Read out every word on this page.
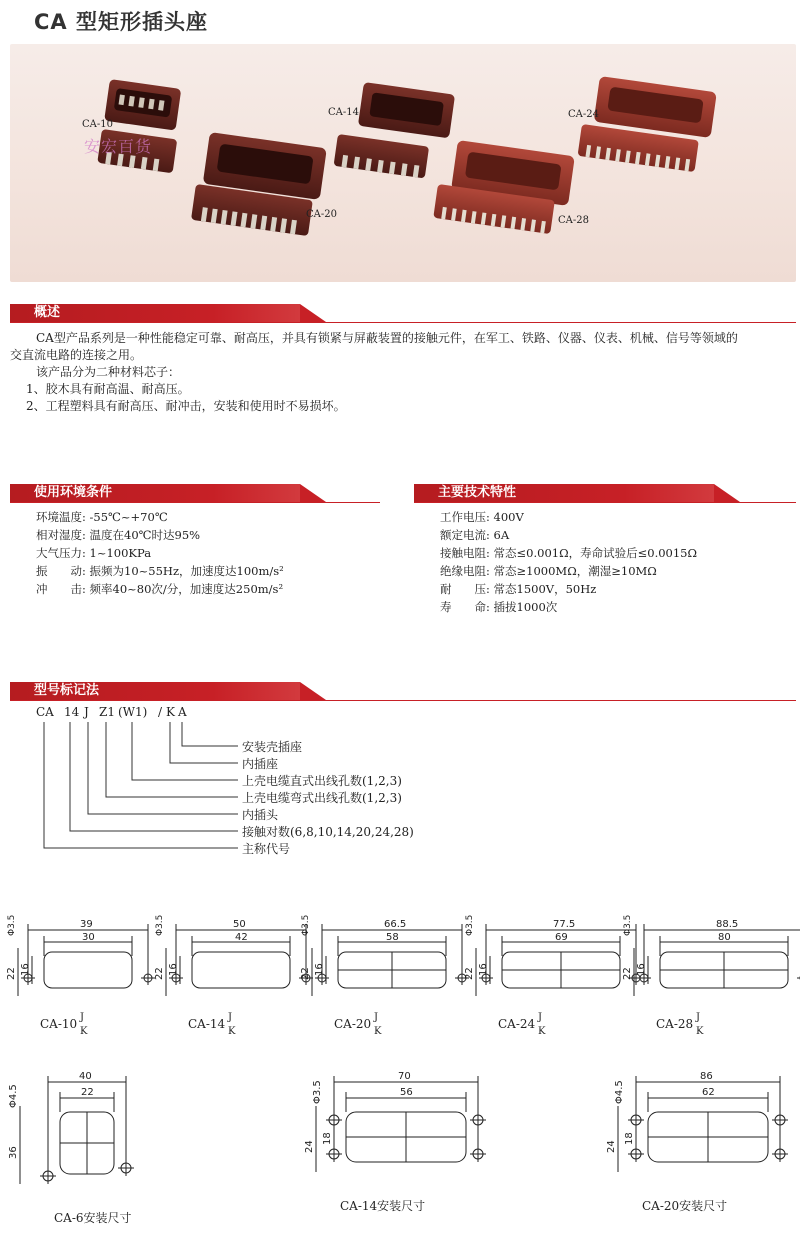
CA 型矩形插头座
CA-10
CA-14
CA-20
CA-24
CA-28
安宏百货
概述
CA型产品系列是一种性能稳定可靠、耐高压，并具有锁紧与屏蔽装置的接触元件，在军工、铁路、仪器、仪表、机械、信号等领域的
交直流电路的连接之用。
该产品分为二种材料芯子：
1、胶木具有耐高温、耐高压。
2、工程塑料具有耐高压、耐冲击，安装和使用时不易损坏。
使用环境条件
环境温度: -55℃~+70℃
相对湿度: 温度在40℃时达95%
大气压力: 1~100KPa
振　　动: 振频为10~55Hz，加速度达100m/s²
冲　　击: 频率40~80次/分，加速度达250m/s²
主要技术特性
工作电压: 400V
额定电流: 6A
接触电阻: 常态≤0.001Ω，寿命试验后≤0.0015Ω
绝缘电阻: 常态≥1000MΩ，潮湿≥10MΩ
耐　　压: 常态1500V，50Hz
寿　　命: 插拔1000次
型号标记法
CA 14 J Z1 (W1) / K A
安装壳插座
内插座
上壳电缆直式出线孔数(1,2,3)
上壳电缆弯式出线孔数(1,2,3)
内插头
接触对数(6,8,10,14,20,24,28)
主称代号
39
30
Φ3.5
22 16
CA-10 J
K
50
42
Φ3.5
22 16
CA-14 J
K
66.5
58
Φ3.5
22 16
CA-20 J
K
77.5
69
Φ3.5
22 16
CA-24 J
K
88.5
80
Φ3.5
22 16
CA-28 J
K
40
22
Φ4.5
36
CA-6安装尺寸
70
56
Φ3.5
24
18
CA-14安装尺寸
86
62
Φ4.5
24
18
CA-20安装尺寸
